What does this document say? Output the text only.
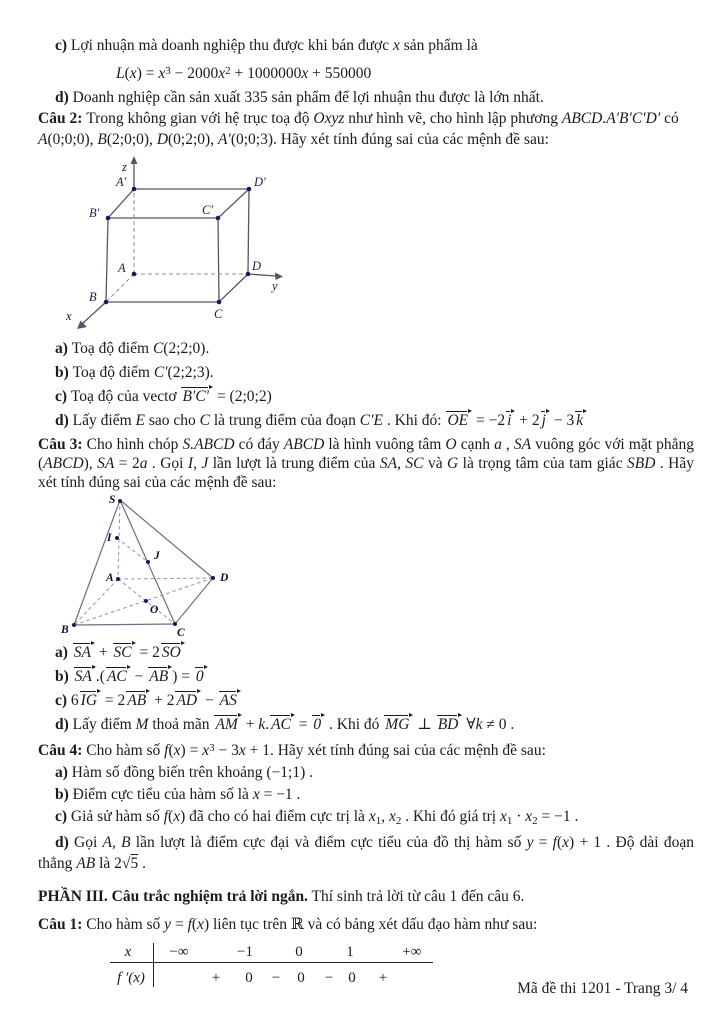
c) Lợi nhuận mà doanh nghiệp thu được khi bán được x sản phẩm là
$L(x) = x^3 - 2000x^2 + 1000000x + 550000$
d) Doanh nghiệp cần sản xuất 335 sản phẩm để lợi nhuận thu được là lớn nhất.
Câu 2: Trong không gian với hệ trục toạ độ Oxyz như hình vẽ, cho hình lập phương ABCD.A′B′C′D′ có
A(0;0;0), B(2;0;0), D(0;2;0), A′(0;0;3). Hãy xét tính đúng sai của các mệnh đề sau:
z
A′	D′
B′	C′
A	D
B
C
y
x
a) Toạ độ điểm C(2;2;0).
b) Toạ độ điểm C′(2;2;3).
c) Toạ độ của vectơ B′C′ = (2;0;2)
d) Lấy điểm E sao cho C là trung điểm của đoạn C′E . Khi đó: OE = −2 i + 2 j − 3 k
Câu 3: Cho hình chóp S.ABCD có đáy ABCD là hình vuông tâm O cạnh a , SA vuông góc với mặt phẳng (ABCD), SA = 2a . Gọi I, J lần lượt là trung điểm của SA, SC và G là trọng tâm của tam giác SBD . Hãy xét tính đúng sai của các mệnh đề sau:
S
I
J
A	D
O
B	C
a) SA + SC = 2 SO
b) SA .( AC − AB ) = 0
c) 6 IG = 2 AB + 2 AD − AS
d) Lấy điểm M thoả mãn AM + k. AC = 0 . Khi đó MG ⊥ BD ∀k ≠ 0 .
Câu 4: Cho hàm số $f(x) = x^3 - 3x + 1$. Hãy xét tính đúng sai của các mệnh đề sau:
a) Hàm số đồng biến trên khoảng (−1;1) .
b) Điểm cực tiểu của hàm số là x = −1 .
c) Giả sử hàm số f(x) đã cho có hai điểm cực trị là $x_1$, $x_2$ . Khi đó giá trị $x_1 \cdot x_2 = -1$ .
d) Gọi A, B lần lượt là điểm cực đại và điểm cực tiểu của đồ thị hàm số y = f(x) + 1 . Độ dài đoạn thẳng AB là 2√5 .
PHẦN III. Câu trắc nghiệm trả lời ngắn. Thí sinh trả lời từ câu 1 đến câu 6.
Câu 1: Cho hàm số y = f(x) liên tục trên ℝ và có bảng xét dấu đạo hàm như sau:
x	−∞	−1	0	1	+∞
f ′(x)	+ 0 − 0 − 0 +
Mã đề thi 1201 - Trang 3/ 4
